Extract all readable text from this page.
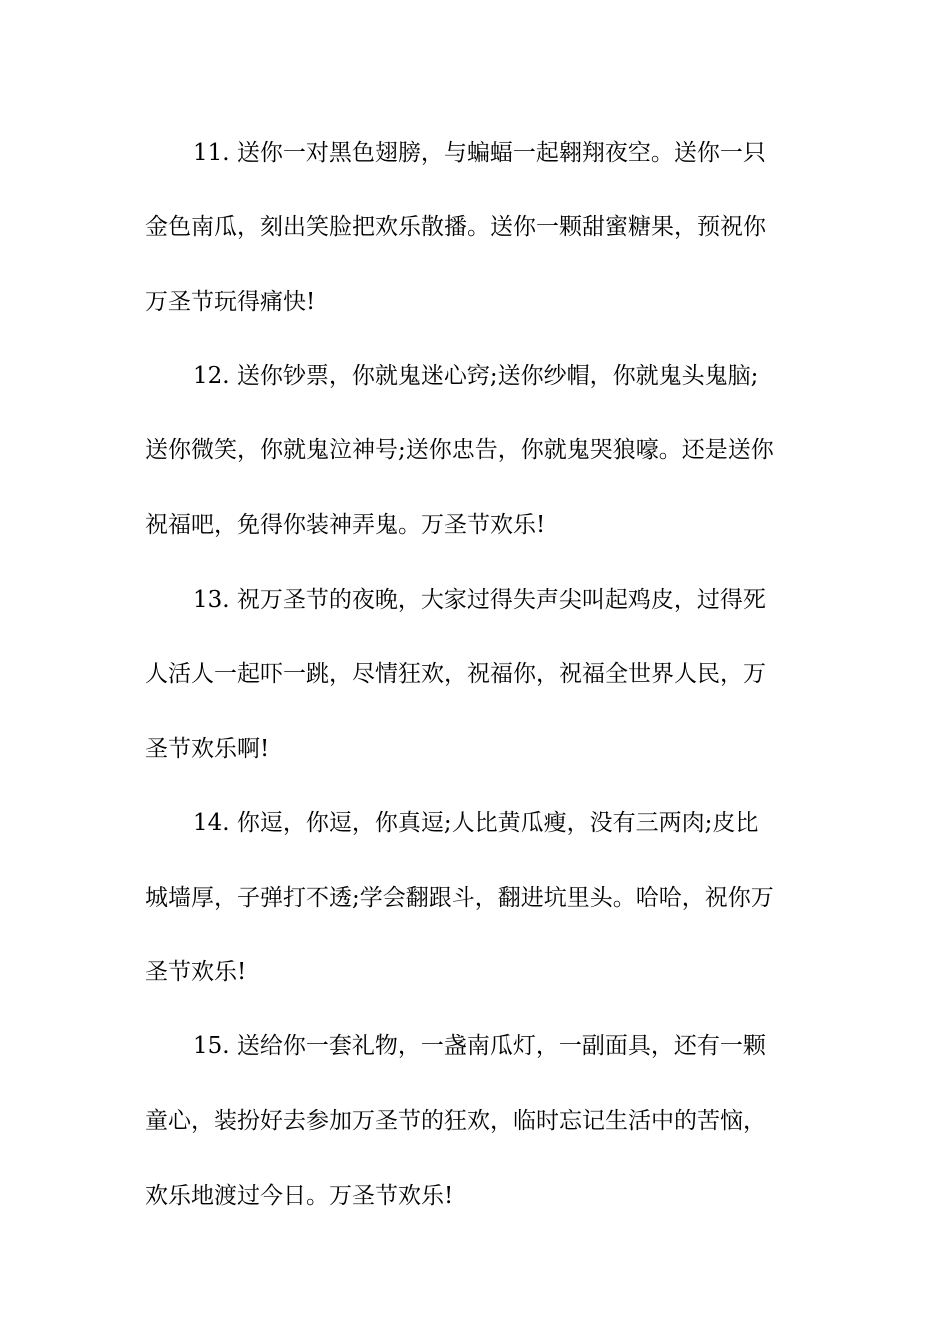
11. 送你一对黑色翅膀，与蝙蝠一起翱翔夜空。送你一只
金色南瓜，刻出笑脸把欢乐散播。送你一颗甜蜜糖果，预祝你
万圣节玩得痛快!
12. 送你钞票，你就鬼迷心窍;送你纱帽，你就鬼头鬼脑;
送你微笑，你就鬼泣神号;送你忠告，你就鬼哭狼嚎。还是送你
祝福吧，免得你装神弄鬼。万圣节欢乐!
13. 祝万圣节的夜晚，大家过得失声尖叫起鸡皮，过得死
人活人一起吓一跳，尽情狂欢，祝福你，祝福全世界人民，万
圣节欢乐啊!
14. 你逗，你逗，你真逗;人比黄瓜瘦，没有三两肉;皮比
城墙厚，子弹打不透;学会翻跟斗，翻进坑里头。哈哈，祝你万
圣节欢乐!
15. 送给你一套礼物，一盏南瓜灯，一副面具，还有一颗
童心，装扮好去参加万圣节的狂欢，临时忘记生活中的苦恼，
欢乐地渡过今日。万圣节欢乐!
